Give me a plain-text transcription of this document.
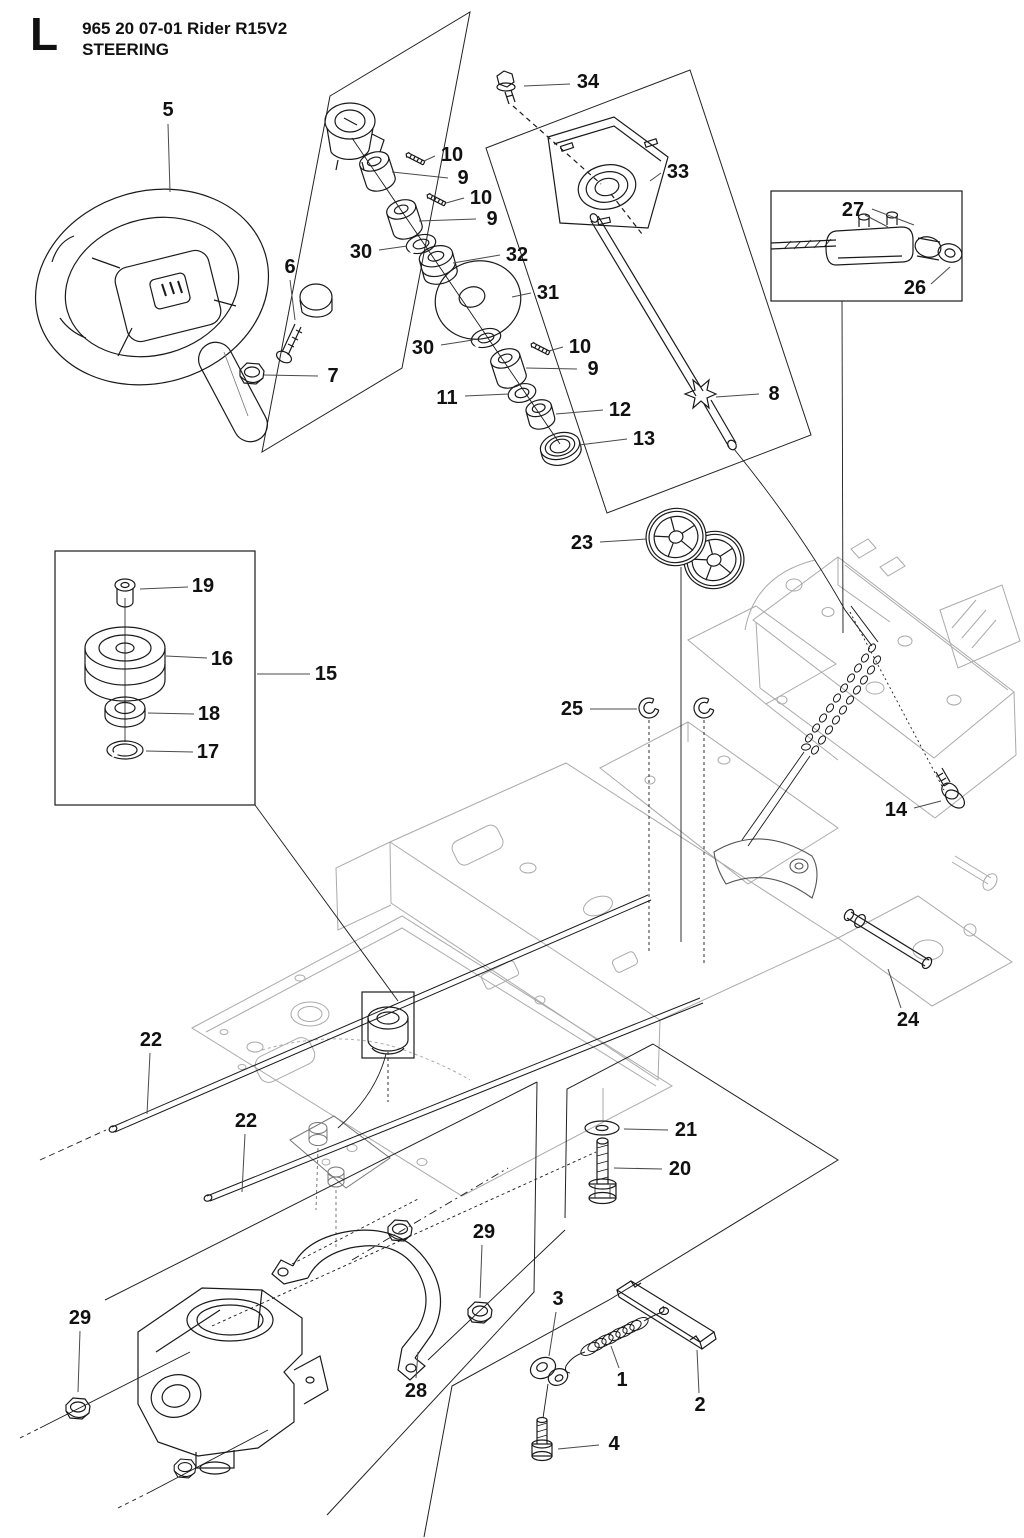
L 965 20 07-01 Rider R15V2
STEERING
5
34
33
10
9
10
9
30	32
31
30	10
9
11
12
13
6
7
8
27
26
23
25
19
16
15
18
17
14
24
22
22	21
20
29
29
28
3
1
2
4
